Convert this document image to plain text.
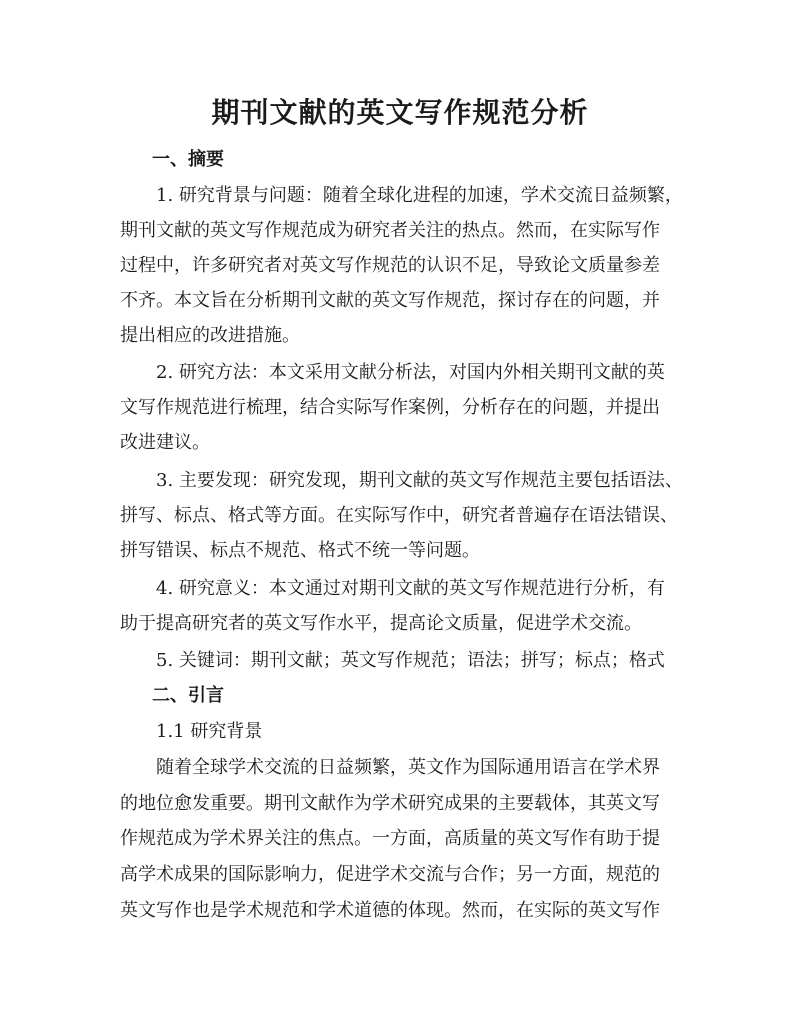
期刊文献的英文写作规范分析
一、摘要
1. 研究背景与问题：随着全球化进程的加速，学术交流日益频繁，
期刊文献的英文写作规范成为研究者关注的热点。然而，在实际写作
过程中，许多研究者对英文写作规范的认识不足，导致论文质量参差
不齐。本文旨在分析期刊文献的英文写作规范，探讨存在的问题，并
提出相应的改进措施。
2. 研究方法：本文采用文献分析法，对国内外相关期刊文献的英
文写作规范进行梳理，结合实际写作案例，分析存在的问题，并提出
改进建议。
3. 主要发现：研究发现，期刊文献的英文写作规范主要包括语法、
拼写、标点、格式等方面。在实际写作中，研究者普遍存在语法错误、
拼写错误、标点不规范、格式不统一等问题。
4. 研究意义：本文通过对期刊文献的英文写作规范进行分析，有
助于提高研究者的英文写作水平，提高论文质量，促进学术交流。
5. 关键词：期刊文献；英文写作规范；语法；拼写；标点；格式
二、引言
1.1 研究背景
随着全球学术交流的日益频繁，英文作为国际通用语言在学术界
的地位愈发重要。期刊文献作为学术研究成果的主要载体，其英文写
作规范成为学术界关注的焦点。一方面，高质量的英文写作有助于提
高学术成果的国际影响力，促进学术交流与合作；另一方面，规范的
英文写作也是学术规范和学术道德的体现。然而，在实际的英文写作
